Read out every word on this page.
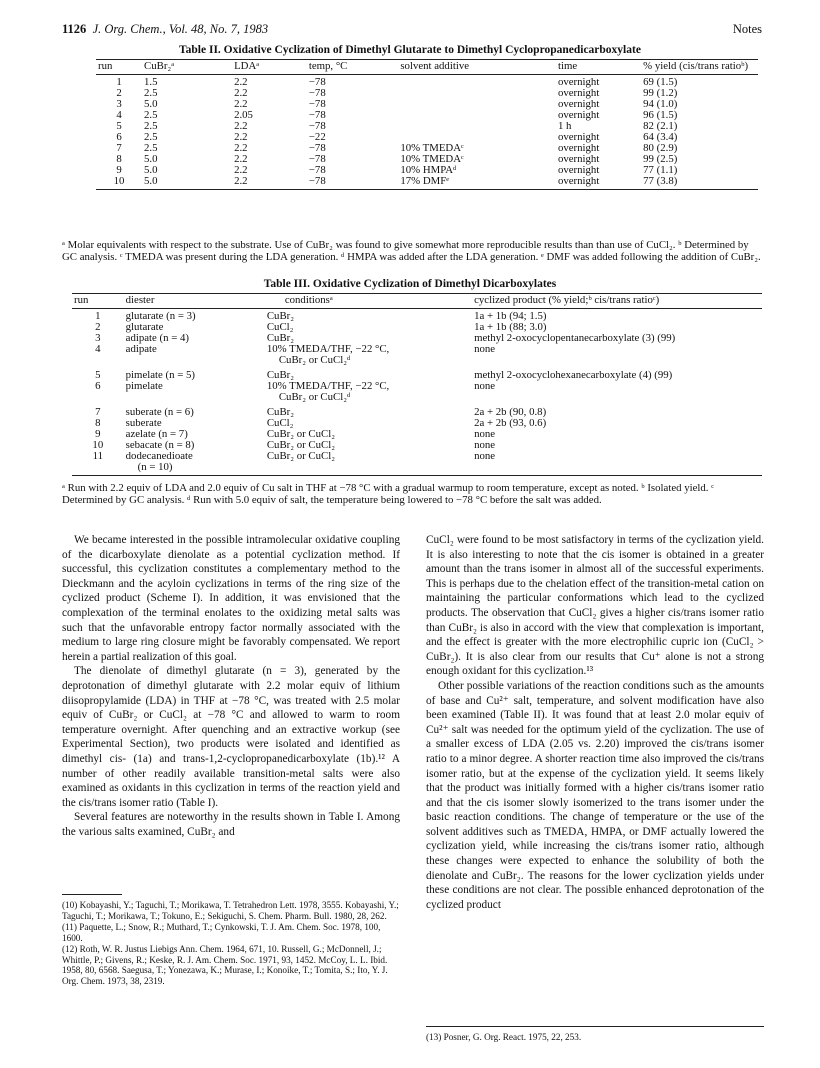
1126 J. Org. Chem., Vol. 48, No. 7, 1983	Notes
Table II. Oxidative Cyclization of Dimethyl Glutarate to Dimethyl Cyclopropanedicarboxylate
run	CuBr₂ᵃ	LDAᵃ	temp, °C	solvent additive	time	% yield (cis/trans ratioᵇ)
1	1.5	2.2	−78		overnight	69 (1.5)
2	2.5	2.2	−78		overnight	99 (1.2)
3	5.0	2.2	−78		overnight	94 (1.0)
4	2.5	2.05	−78		overnight	96 (1.5)
5	2.5	2.2	−78		1 h	82 (2.1)
6	2.5	2.2	−22		overnight	64 (3.4)
7	2.5	2.2	−78	10% TMEDAᶜ	overnight	80 (2.9)
8	5.0	2.2	−78	10% TMEDAᶜ	overnight	99 (2.5)
9	5.0	2.2	−78	10% HMPAᵈ	overnight	77 (1.1)
10	5.0	2.2	−78	17% DMFᵉ	overnight	77 (3.8)
ᵃ Molar equivalents with respect to the substrate. Use of CuBr₂ was found to give somewhat more reproducible results than than use of CuCl₂. ᵇ Determined by GC analysis. ᶜ TMEDA was present during the LDA generation. ᵈ HMPA was added after the LDA generation. ᵉ DMF was added following the addition of CuBr₂.
Table III. Oxidative Cyclization of Dimethyl Dicarboxylates
run	diester	conditionsᵃ	cyclized product (% yield;ᵇ cis/trans ratioᶜ)
1	glutarate (n = 3)	CuBr₂	1a + 1b (94; 1.5)
2	glutarate	CuCl₂	1a + 1b (88; 3.0)
3	adipate (n = 4)	CuBr₂	methyl 2-oxocyclopentanecarboxylate (3) (99)
4	adipate	10% TMEDA/THF, −22 °C,
CuBr₂ or CuCl₂ᵈ	none
5	pimelate (n = 5)	CuBr₂	methyl 2-oxocyclohexanecarboxylate (4) (99)
6	pimelate	10% TMEDA/THF, −22 °C,
CuBr₂ or CuCl₂ᵈ	none
7	suberate (n = 6)	CuBr₂	2a + 2b (90, 0.8)
8	suberate	CuCl₂	2a + 2b (93, 0.6)
9	azelate (n = 7)	CuBr₂ or CuCl₂	none
10	sebacate (n = 8)	CuBr₂ or CuCl₂	none
11	dodecanedioate
(n = 10)	CuBr₂ or CuCl₂	none
ᵃ Run with 2.2 equiv of LDA and 2.0 equiv of Cu salt in THF at −78 °C with a gradual warmup to room temperature, except as noted. ᵇ Isolated yield. ᶜ Determined by GC analysis. ᵈ Run with 5.0 equiv of salt, the temperature being lowered to −78 °C before the salt was added.

We became interested in the possible intramolecular oxidative coupling of the dicarboxylate dienolate as a potential cyclization method. If successful, this cyclization constitutes a complementary method to the Dieckmann and the acyloin cyclizations in terms of the ring size of the cyclized product (Scheme I). In addition, it was envisioned that the complexation of the terminal enolates to the oxidizing metal salts was such that the unfavorable entropy factor normally associated with the medium to large ring closure might be favorably compensated. We report herein a partial realization of this goal.

The dienolate of dimethyl glutarate (n = 3), generated by the deprotonation of dimethyl glutarate with 2.2 molar equiv of lithium diisopropylamide (LDA) in THF at −78 °C, was treated with 2.5 molar equiv of CuBr₂ or CuCl₂ at −78 °C and allowed to warm to room temperature overnight. After quenching and an extractive workup (see Experimental Section), two products were isolated and identified as dimethyl cis- (1a) and trans-1,2-cyclopropanedicarboxylate (1b).¹² A number of other readily available transition-metal salts were also examined as oxidants in this cyclization in terms of the reaction yield and the cis/trans isomer ratio (Table I).

Several features are noteworthy in the results shown in Table I. Among the various salts examined, CuBr₂ and

(10) Kobayashi, Y.; Taguchi, T.; Morikawa, T. Tetrahedron Lett. 1978, 3555. Kobayashi, Y.; Taguchi, T.; Morikawa, T.; Tokuno, E.; Sekiguchi, S. Chem. Pharm. Bull. 1980, 28, 262.

(11) Paquette, L.; Snow, R.; Muthard, T.; Cynkowski, T. J. Am. Chem. Soc. 1978, 100, 1600.

(12) Roth, W. R. Justus Liebigs Ann. Chem. 1964, 671, 10. Russell, G.; McDonnell, J.; Whittle, P.; Givens, R.; Keske, R. J. Am. Chem. Soc. 1971, 93, 1452. McCoy, L. L. Ibid. 1958, 80, 6568. Saegusa, T.; Yonezawa, K.; Murase, I.; Konoike, T.; Tomita, S.; Ito, Y. J. Org. Chem. 1973, 38, 2319.

CuCl₂ were found to be most satisfactory in terms of the cyclization yield. It is also interesting to note that the cis isomer is obtained in a greater amount than the trans isomer in almost all of the successful experiments. This is perhaps due to the chelation effect of the transition-metal cation on maintaining the particular conformations which lead to the cyclized products. The observation that CuCl₂ gives a higher cis/trans isomer ratio than CuBr₂ is also in accord with the view that complexation is important, and the effect is greater with the more electrophilic cupric ion (CuCl₂ > CuBr₂). It is also clear from our results that Cu⁺ alone is not a strong enough oxidant for this cyclization.¹³

Other possible variations of the reaction conditions such as the amounts of base and Cu²⁺ salt, temperature, and solvent modification have also been examined (Table II). It was found that at least 2.0 molar equiv of Cu²⁺ salt was needed for the optimum yield of the cyclization. The use of a smaller excess of LDA (2.05 vs. 2.20) improved the cis/trans isomer ratio to a minor degree. A shorter reaction time also improved the cis/trans isomer ratio, but at the expense of the cyclization yield. It seems likely that the product was initially formed with a higher cis/trans isomer ratio and that the cis isomer slowly isomerized to the trans isomer under the basic reaction conditions. The change of temperature or the use of the solvent additives such as TMEDA, HMPA, or DMF actually lowered the cyclization yield, while increasing the cis/trans isomer ratio, although these changes were expected to enhance the solubility of both the dienolate and CuBr₂. The reasons for the lower cyclization yields under these conditions are not clear. The possible enhanced deprotonation of the cyclized product

(13) Posner, G. Org. React. 1975, 22, 253.
